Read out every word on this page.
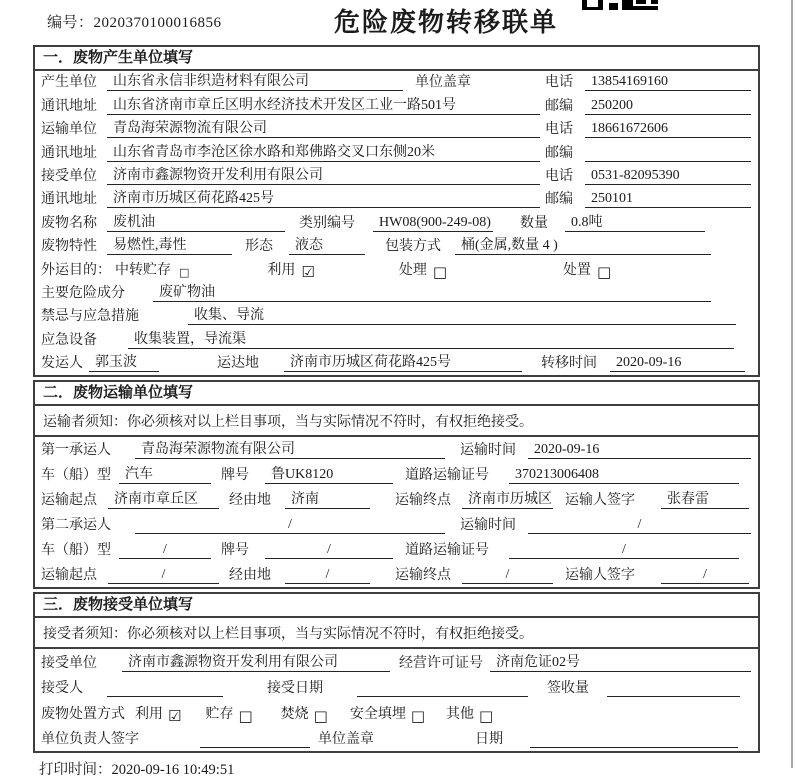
编号：2020370100016856	危险废物转移联单
一．废物产生单位填写
产生单位	山东省永信非织造材料有限公司	单位盖章	电话	13854169160
通讯地址	山东省济南市章丘区明水经济技术开发区工业一路501号	邮编	250200
运输单位	青岛海荣源物流有限公司	电话	18661672606
通讯地址	山东省青岛市李沧区徐水路和郑佛路交叉口东侧20米	邮编
接受单位	济南市鑫源物资开发利用有限公司	电话	0531-82095390
通讯地址	济南市历城区荷花路425号	邮编	250101
废物名称	废机油	类别编号	HW08(900-249-08) 数量	0.8吨
废物特性	易燃性,毒性	形态	液态	包装方式	桶(金属,数量 4 )
外运目的： 中转贮存 □	利用 ☑	处理 □	处置 □
主要危险成分	废矿物油
禁忌与应急措施	收集、导流
应急设备	收集装置，导流渠
发运人 郭玉波	运达地	济南市历城区荷花路425号	转移时间	2020-09-16
二．废物运输单位填写
运输者须知：你必须核对以上栏目事项，当与实际情况不符时，有权拒绝接受。
第一承运人	青岛海荣源物流有限公司	运输时间	2020-09-16
车（船）型	汽车	牌号	鲁UK8120	道路运输证号	370213006408
运输起点	济南市章丘区	经由地	济南	运输终点	济南市历城区 运输人签字	张春雷
第二承运人	/	运输时间	/
车（船）型	/	牌号	/	道路运输证号	/
运输起点	/	经由地	/	运输终点	/	运输人签字	/
三．废物接受单位填写
接受者须知：你必须核对以上栏目事项，当与实际情况不符时，有权拒绝接受。
接受单位	济南市鑫源物资开发利用有限公司	经营许可证号 济南危证02号
接受人	接受日期	签收量
废物处置方式 利用 ☑ 贮存 □ 焚烧 □ 安全填埋 □ 其他 □
单位负责人签字	单位盖章	日期
打印时间：2020-09-16 10:49:51
